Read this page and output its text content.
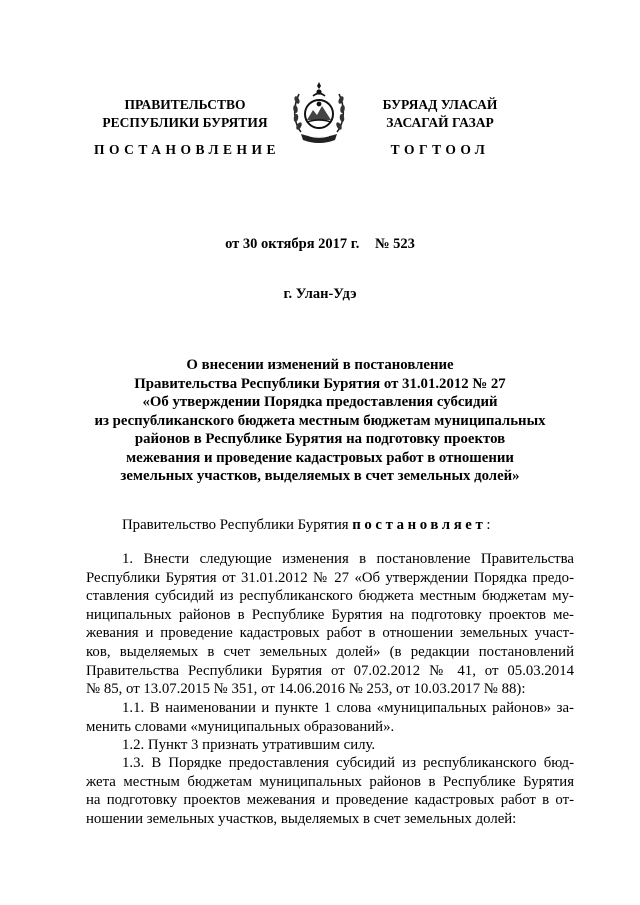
ПРАВИТЕЛЬСТВО
РЕСПУБЛИКИ БУРЯТИЯ
ПОСТАНОВЛЕНИЕ
БУРЯАД УЛАСАЙ
ЗАСАГАЙ ГАЗАР
ТОГТООЛ
от 30 октября 2017 г. № 523
г. Улан-Удэ
О внесении изменений в постановление
Правительства Республики Бурятия от 31.01.2012 № 27
«Об утверждении Порядка предоставления субсидий
из республиканского бюджета местным бюджетам муниципальных
районов в Республике Бурятия на подготовку проектов
межевания и проведение кадастровых работ в отношении
земельных участков, выделяемых в счет земельных долей»
Правительство Республики Бурятия постановляет:
1. Внести следующие изменения в постановление Правительства
Республики Бурятия от 31.01.2012 № 27 «Об утверждении Порядка предо-
ставления субсидий из республиканского бюджета местным бюджетам му-
ниципальных районов в Республике Бурятия на подготовку проектов ме-
жевания и проведение кадастровых работ в отношении земельных участ-
ков, выделяемых в счет земельных долей» (в редакции постановлений
Правительства Республики Бурятия от 07.02.2012 № 41, от 05.03.2014
№ 85, от 13.07.2015 № 351, от 14.06.2016 № 253, от 10.03.2017 № 88):
1.1. В наименовании и пункте 1 слова «муниципальных районов» за-
менить словами «муниципальных образований».
1.2. Пункт 3 признать утратившим силу.
1.3. В Порядке предоставления субсидий из республиканского бюд-
жета местным бюджетам муниципальных районов в Республике Бурятия
на подготовку проектов межевания и проведение кадастровых работ в от-
ношении земельных участков, выделяемых в счет земельных долей:
